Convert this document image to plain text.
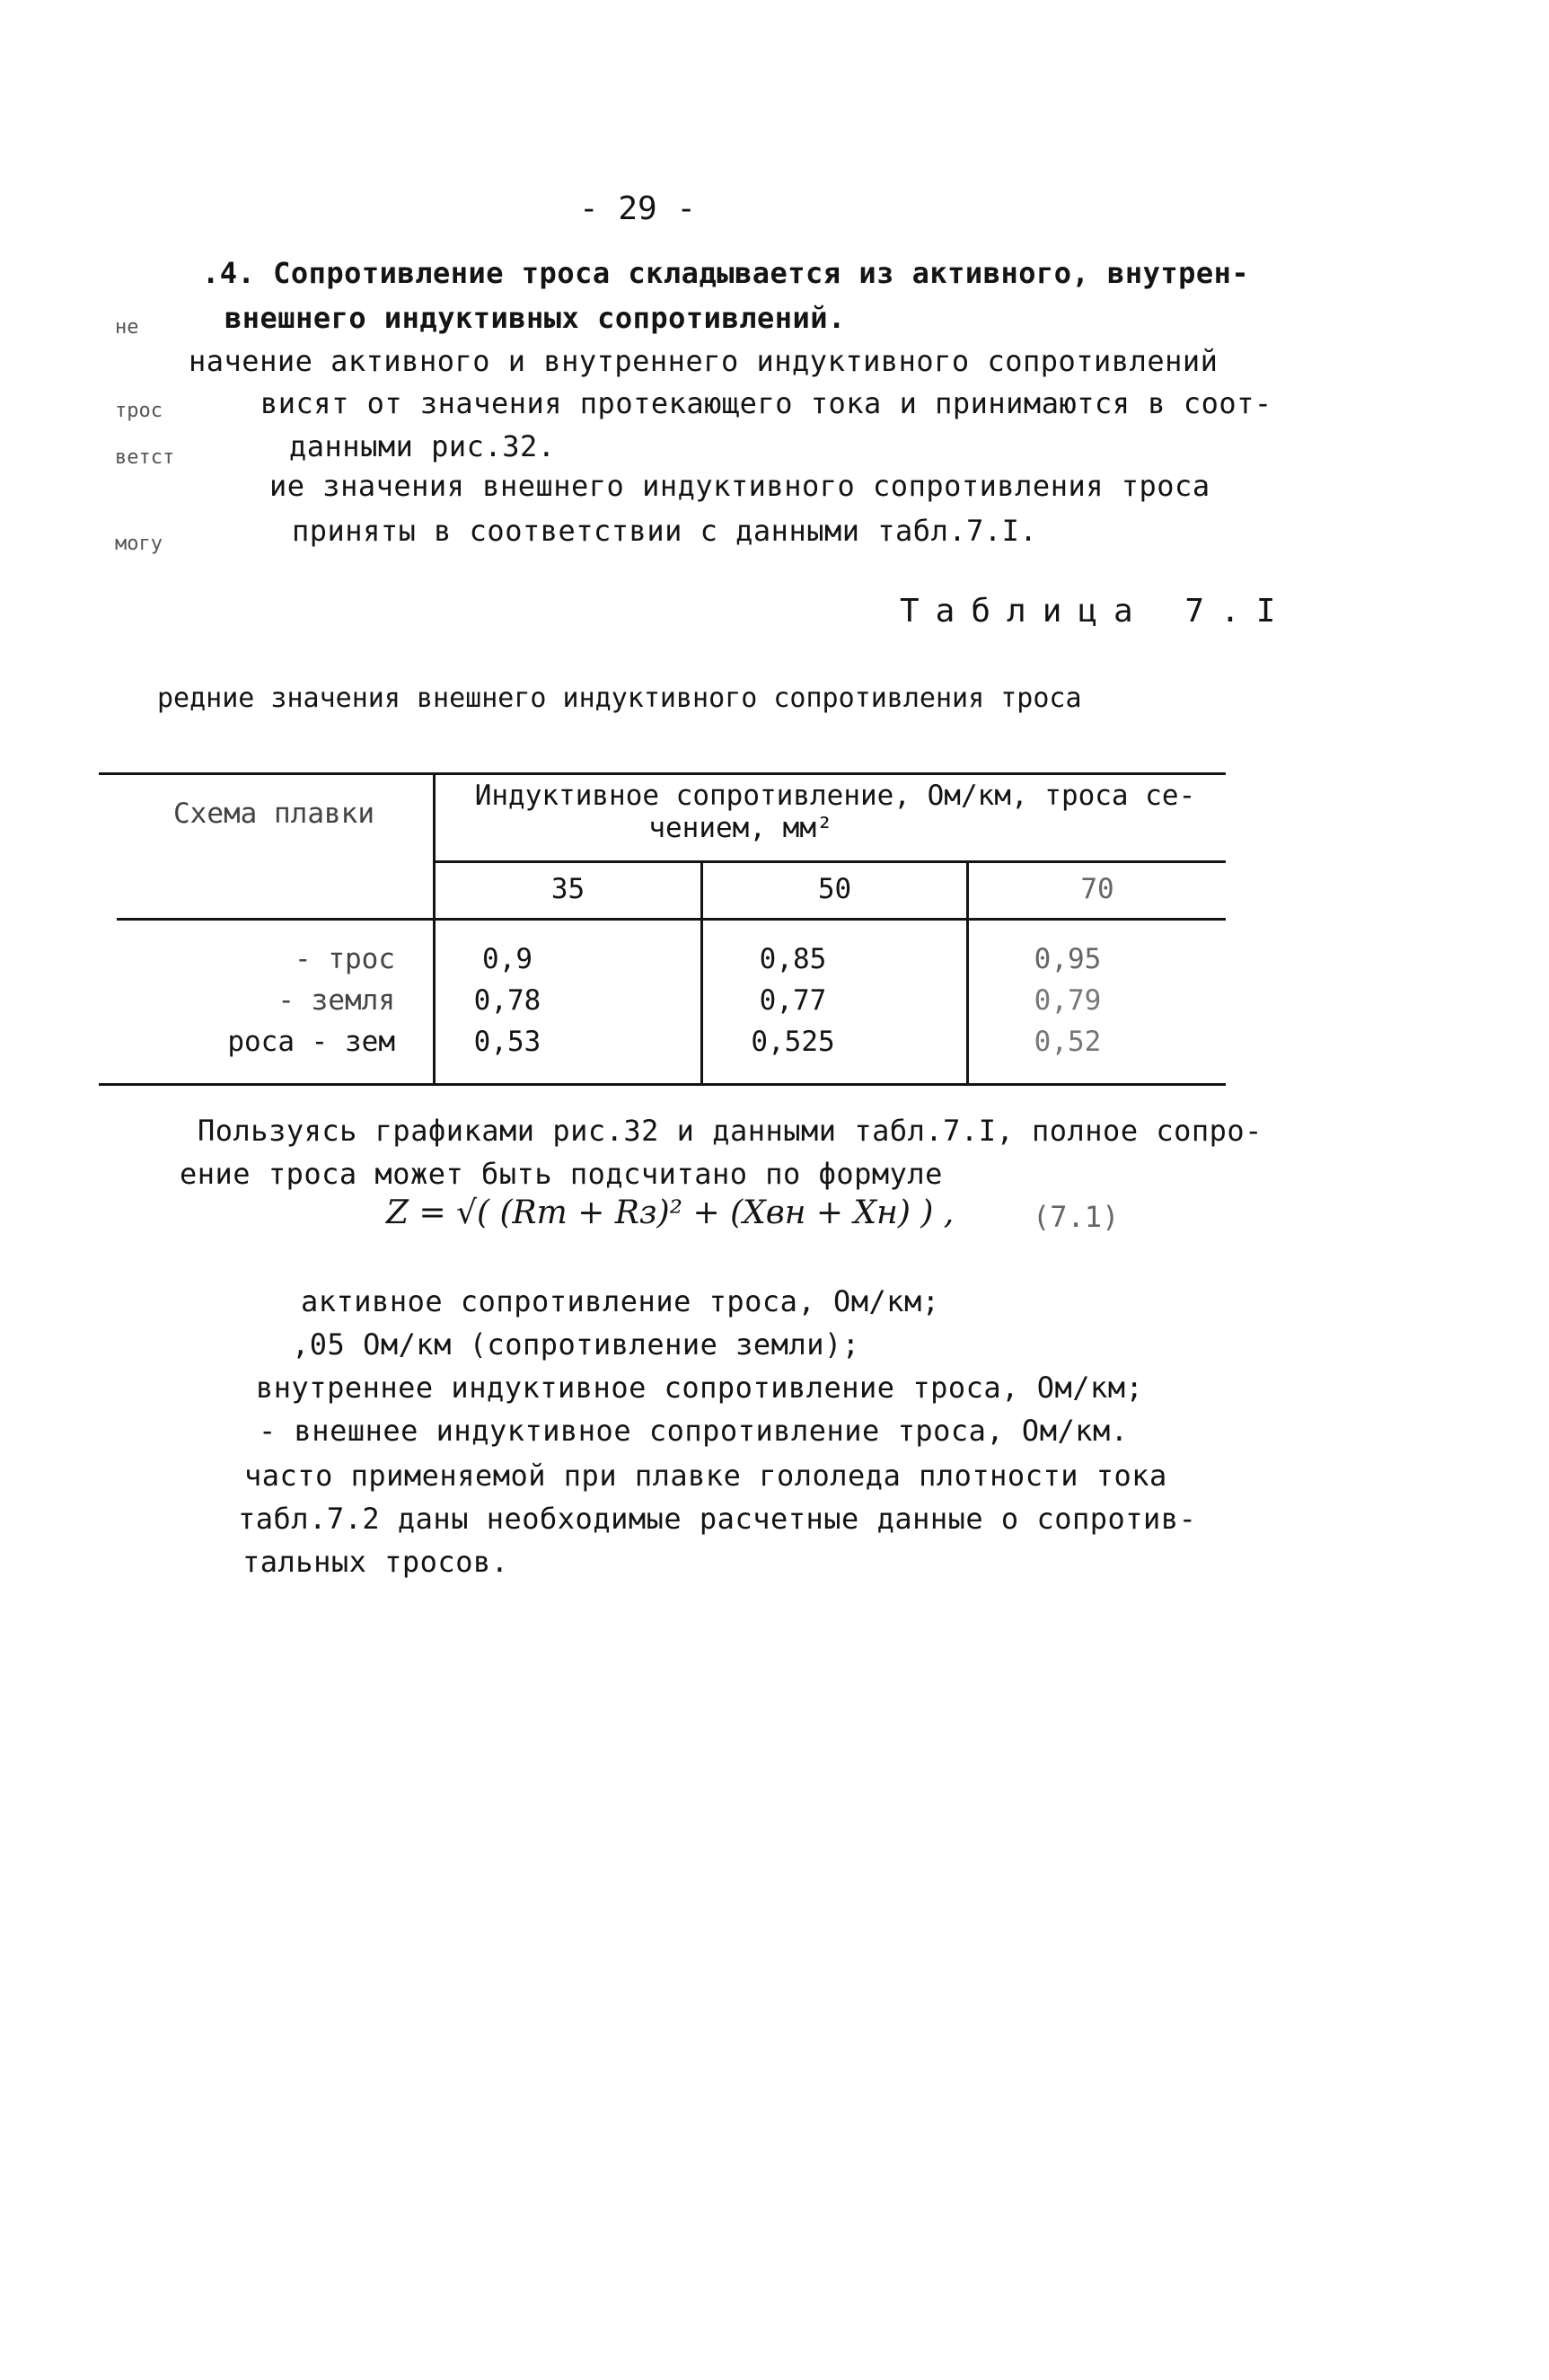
- 29 -
.4. Сопротивление троса складывается из активного, внутрен-
не	внешнего индуктивных сопротивлений.
начение активного и внутреннего индуктивного сопротивлений
трос	висят от значения протекающего тока и принимаются в соот-
ветст	данными рис.32.
ие значения внешнего индуктивного сопротивления троса
могу	приняты в соответствии с данными табл.7.I.
Таблица 7.I
редние значения внешнего индуктивного сопротивления троса
Схема плавки
Индуктивное сопротивление, Ом/км, троса се-
чением, мм²
35	50	70
- трос	0,9	0,85	0,95
- земля	0,78	0,77	0,79
роса - зем	0,53	0,525	0,52
Пользуясь графиками рис.32 и данными табл.7.I, полное сопро-
ение троса может быть подсчитано по формуле
Z = √( (Rт + Rз)² + (Xвн + Xн) ) ,	(7.1)
активное сопротивление троса, Ом/км;
,05 Ом/км (сопротивление земли);
внутреннее индуктивное сопротивление троса, Ом/км;
- внешнее индуктивное сопротивление троса, Ом/км.
часто применяемой при плавке гололеда плотности тока
табл.7.2 даны необходимые расчетные данные о сопротив-
тальных тросов.
